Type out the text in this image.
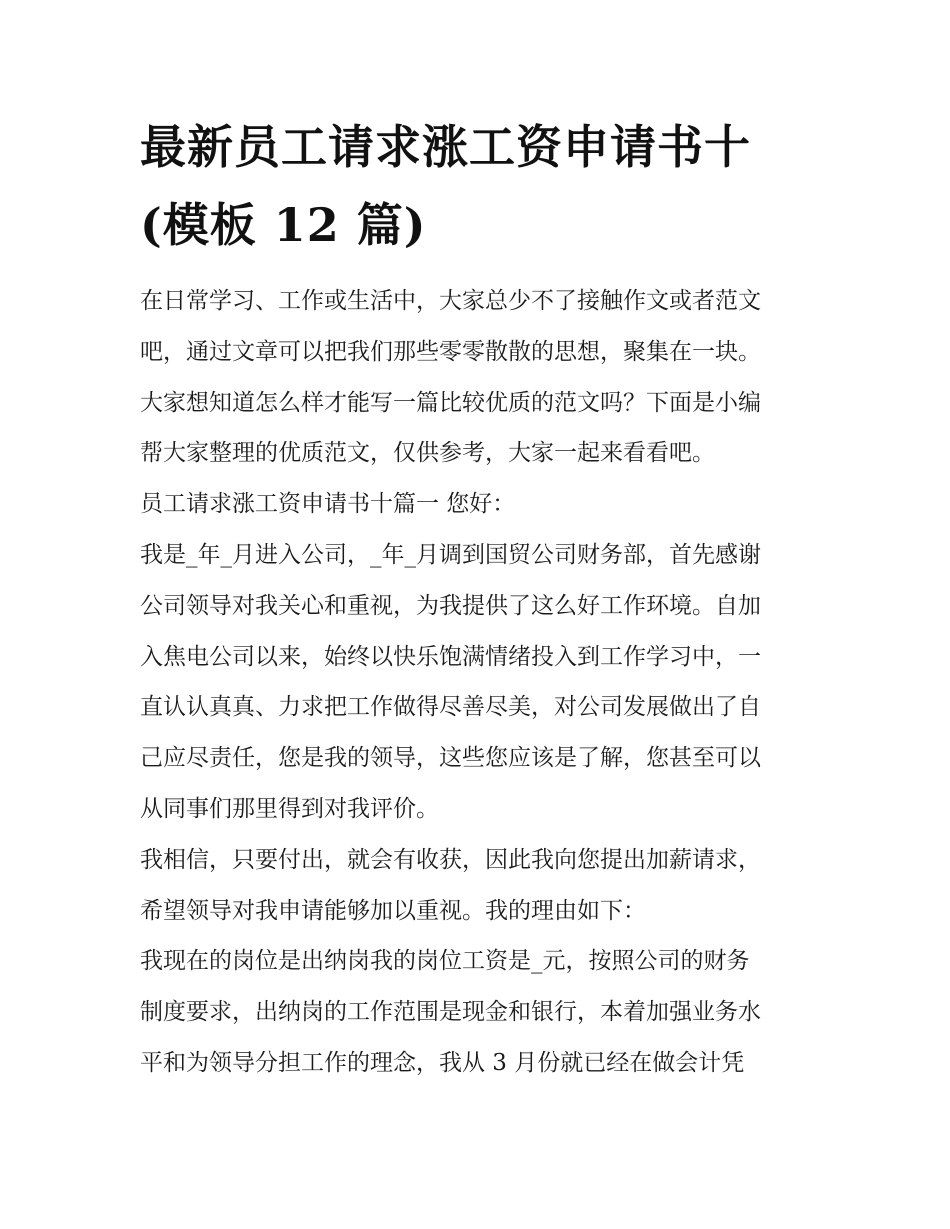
最新员工请求涨工资申请书十
(模板 12 篇)

在日常学习、工作或生活中，大家总少不了接触作文或者范文
吧，通过文章可以把我们那些零零散散的思想，聚集在一块。
大家想知道怎么样才能写一篇比较优质的范文吗？下面是小编
帮大家整理的优质范文，仅供参考，大家一起来看看吧。

员工请求涨工资申请书十篇一 您好：

我是_年_月进入公司，_年_月调到国贸公司财务部，首先感谢
公司领导对我关心和重视，为我提供了这么好工作环境。自加
入焦电公司以来，始终以快乐饱满情绪投入到工作学习中，一
直认认真真、力求把工作做得尽善尽美，对公司发展做出了自
己应尽责任，您是我的领导，这些您应该是了解，您甚至可以
从同事们那里得到对我评价。

我相信，只要付出，就会有收获，因此我向您提出加薪请求，
希望领导对我申请能够加以重视。我的理由如下：

我现在的岗位是出纳岗我的岗位工资是_元，按照公司的财务
制度要求，出纳岗的工作范围是现金和银行，本着加强业务水
平和为领导分担工作的理念，我从 3 月份就已经在做会计凭
